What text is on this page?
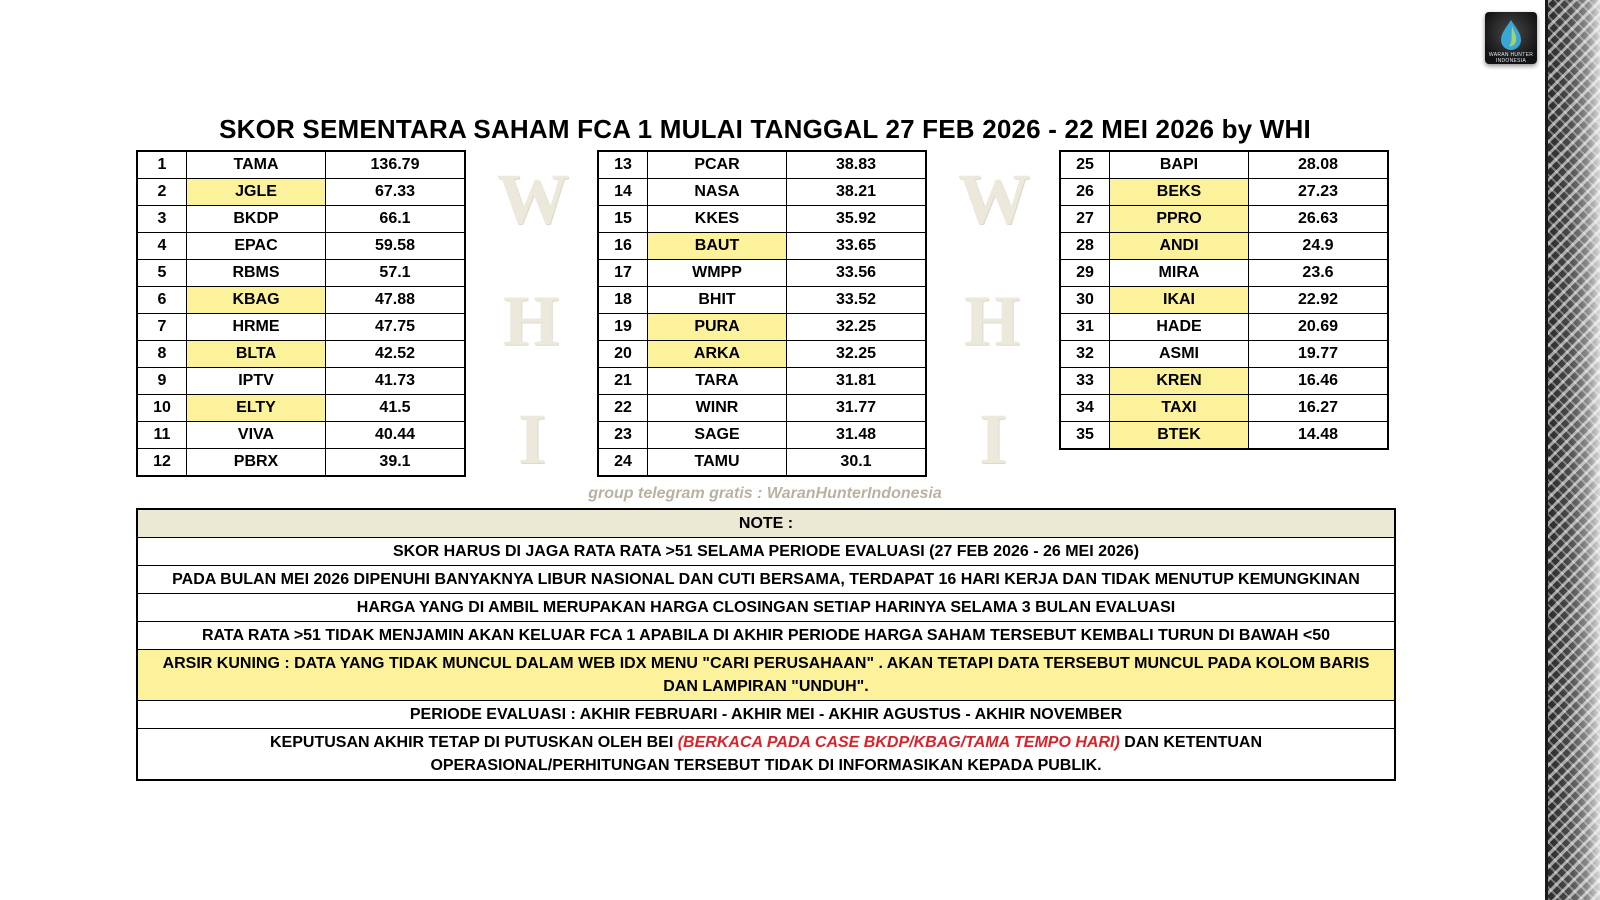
WARAN HUNTER INDONESIA
SKOR SEMENTARA SAHAM FCA 1 MULAI TANGGAL 27 FEB 2026 - 22 MEI 2026 by WHI
W
H
I
W
H
I
1	TAMA	136.79
2	JGLE	67.33
3	BKDP	66.1
4	EPAC	59.58
5	RBMS	57.1
6	KBAG	47.88
7	HRME	47.75
8	BLTA	42.52
9	IPTV	41.73
10	ELTY	41.5
11	VIVA	40.44
12	PBRX	39.1
13	PCAR	38.83
14	NASA	38.21
15	KKES	35.92
16	BAUT	33.65
17	WMPP	33.56
18	BHIT	33.52
19	PURA	32.25
20	ARKA	32.25
21	TARA	31.81
22	WINR	31.77
23	SAGE	31.48
24	TAMU	30.1
25	BAPI	28.08
26	BEKS	27.23
27	PPRO	26.63
28	ANDI	24.9
29	MIRA	23.6
30	IKAI	22.92
31	HADE	20.69
32	ASMI	19.77
33	KREN	16.46
34	TAXI	16.27
35	BTEK	14.48
group telegram gratis : WaranHunterIndonesia
NOTE :
SKOR HARUS DI JAGA RATA RATA >51 SELAMA PERIODE EVALUASI (27 FEB 2026 - 26 MEI 2026)
PADA BULAN MEI 2026 DIPENUHI BANYAKNYA LIBUR NASIONAL DAN CUTI BERSAMA, TERDAPAT 16 HARI KERJA DAN TIDAK MENUTUP KEMUNGKINAN
HARGA YANG DI AMBIL MERUPAKAN HARGA CLOSINGAN SETIAP HARINYA SELAMA 3 BULAN EVALUASI
RATA RATA >51 TIDAK MENJAMIN AKAN KELUAR FCA 1 APABILA DI AKHIR PERIODE HARGA SAHAM TERSEBUT KEMBALI TURUN DI BAWAH <50
ARSIR KUNING : DATA YANG TIDAK MUNCUL DALAM WEB IDX MENU "CARI PERUSAHAAN" . AKAN TETAPI DATA TERSEBUT MUNCUL PADA KOLOM BARIS DAN LAMPIRAN "UNDUH".
PERIODE EVALUASI : AKHIR FEBRUARI - AKHIR MEI - AKHIR AGUSTUS - AKHIR NOVEMBER
KEPUTUSAN AKHIR TETAP DI PUTUSKAN OLEH BEI (BERKACA PADA CASE BKDP/KBAG/TAMA TEMPO HARI) DAN KETENTUAN OPERASIONAL/PERHITUNGAN TERSEBUT TIDAK DI INFORMASIKAN KEPADA PUBLIK.
